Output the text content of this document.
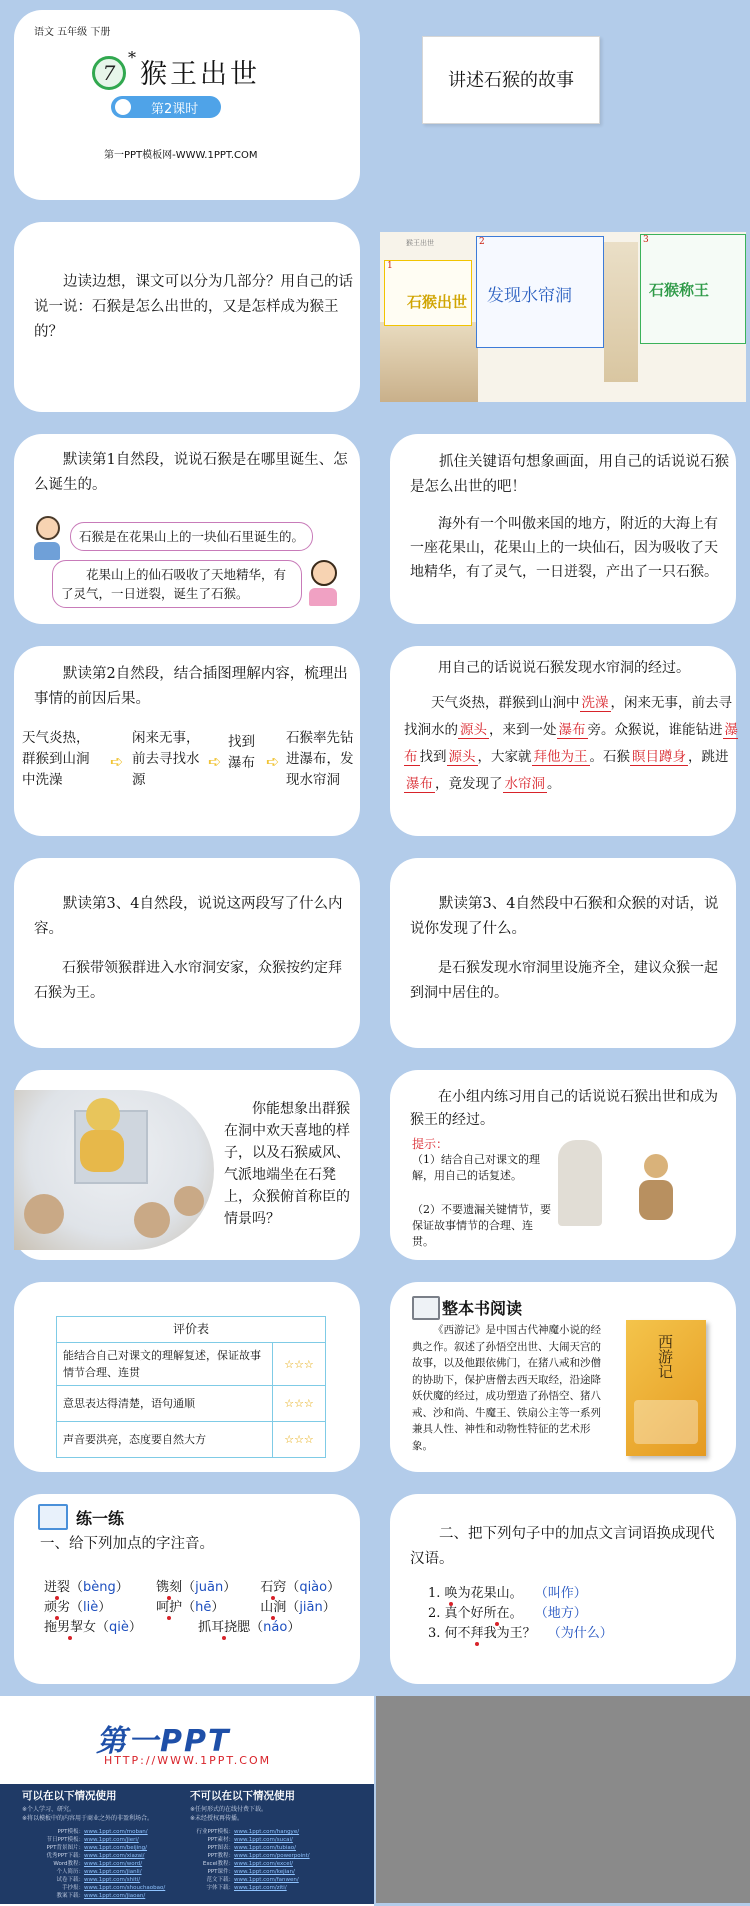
语文 五年级 下册
7
*
猴王出世
第2课时
第一PPT模板网-WWW.1PPT.COM
讲述石猴的故事

边读边想，课文可以分为几部分？用自己的话说一说：石猴是怎么出世的，又是怎样成为猴王的？

猴王出世
1
石猴出世
2
发现水帘洞
3
石猴称王

默读第1自然段，说说石猴是在哪里诞生、怎么诞生的。

石猴是在花果山上的一块仙石里诞生的。
花果山上的仙石吸收了天地精华，有了灵气，一日迸裂，诞生了石猴。

抓住关键语句想象画面，用自己的话说说石猴是怎么出世的吧！

海外有一个叫傲来国的地方，附近的大海上有一座花果山，花果山上的一块仙石，因为吸收了天地精华，有了灵气，一日迸裂，产出了一只石猴。

默读第2自然段，结合插图理解内容，梳理出事情的前因后果。

天气炎热，群猴到山涧中洗澡
➪
闲来无事，前去寻找水源
➪
找到瀑布 ➪
石猴率先钻进瀑布，发现水帘洞

用自己的话说说石猴发现水帘洞的经过。

天气炎热，群猴到山涧中 洗澡 ，闲来无事，前去寻找涧水的 源头 ，来到一处 瀑布 旁。众猴说，谁能钻进 瀑布 找到 源头 ，大家就 拜他为王 。石猴 瞑目蹲身 ，跳进瀑布 ，竟发现了 水帘洞 。

默读第3、4自然段，说说这两段写了什么内容。

石猴带领猴群进入水帘洞安家，众猴按约定拜石猴为王。

默读第3、4自然段中石猴和众猴的对话，说说你发现了什么。

是石猴发现水帘洞里设施齐全，建议众猴一起到洞中居住的。

你能想象出群猴在洞中欢天喜地的样子，以及石猴威风、气派地端坐在石凳上，众猴俯首称臣的情景吗？

在小组内练习用自己的话说说石猴出世和成为猴王的经过。

提示：
（1）结合自己对课文的理解，用自己的话复述。
（2）不要遗漏关键情节，要保证故事情节的合理、连贯。
评价表	
能结合自己对课文的理解复述，保证故事情节合理、连贯	☆☆☆
意思表达得清楚，语句通顺	☆☆☆
声音要洪亮，态度要自然大方	☆☆☆
整本书阅读

《西游记》是中国古代神魔小说的经典之作。叙述了孙悟空出世、大闹天宫的故事，以及他跟依佛门，在猪八戒和沙僧的协助下，保护唐僧去西天取经，沿途降妖伏魔的经过，成功塑造了孙悟空、猪八戒、沙和尚、牛魔王、铁扇公主等一系列兼具人性、神性和动物性特征的艺术形象。

西游记
练一练
一、给下列加点的字注音。
迸裂（bèng） 镌刻（juān） 石窍（qiào）
顽劣（liè）	呵护（hē）	山涧（jiān）
拖男挈女（qiè）	抓耳挠腮（náo）

二、把下列句子中的加点文言词语换成现代汉语。

1. 唤为花果山。 （叫作）
2. 真个好所在。 （地方）
3. 何不拜我为王？ （为什么）
第一PPT
HTTP://WWW.1PPT.COM
可以在以下情况使用
※个人学习、研究。
※将以模板中的内容用于商业之外的非盈利场合。
不可以在以下情况使用
※任何形式的在线付费下载。
※未经授权再传播。
PPT模板：www.1ppt.com/moban/
节日PPT模板：www.1ppt.com/jieri/
PPT背景图片：www.1ppt.com/beijing/
优秀PPT下载：www.1ppt.com/xiazai/
Word教程：www.1ppt.com/word/
个人简历：www.1ppt.com/jianli/
试卷下载：www.1ppt.com/shiti/
手抄报：www.1ppt.com/shouchaobao/
教案下载：www.1ppt.com/jiaoan/
行业PPT模板：www.1ppt.com/hangye/
PPT素材：www.1ppt.com/sucai/
PPT图表：www.1ppt.com/tubiao/
PPT教程：www.1ppt.com/powerpoint/
Excel教程：www.1ppt.com/excel/
PPT课件：www.1ppt.com/kejian/
范文下载：www.1ppt.com/fanwen/
字体下载：www.1ppt.com/ziti/
